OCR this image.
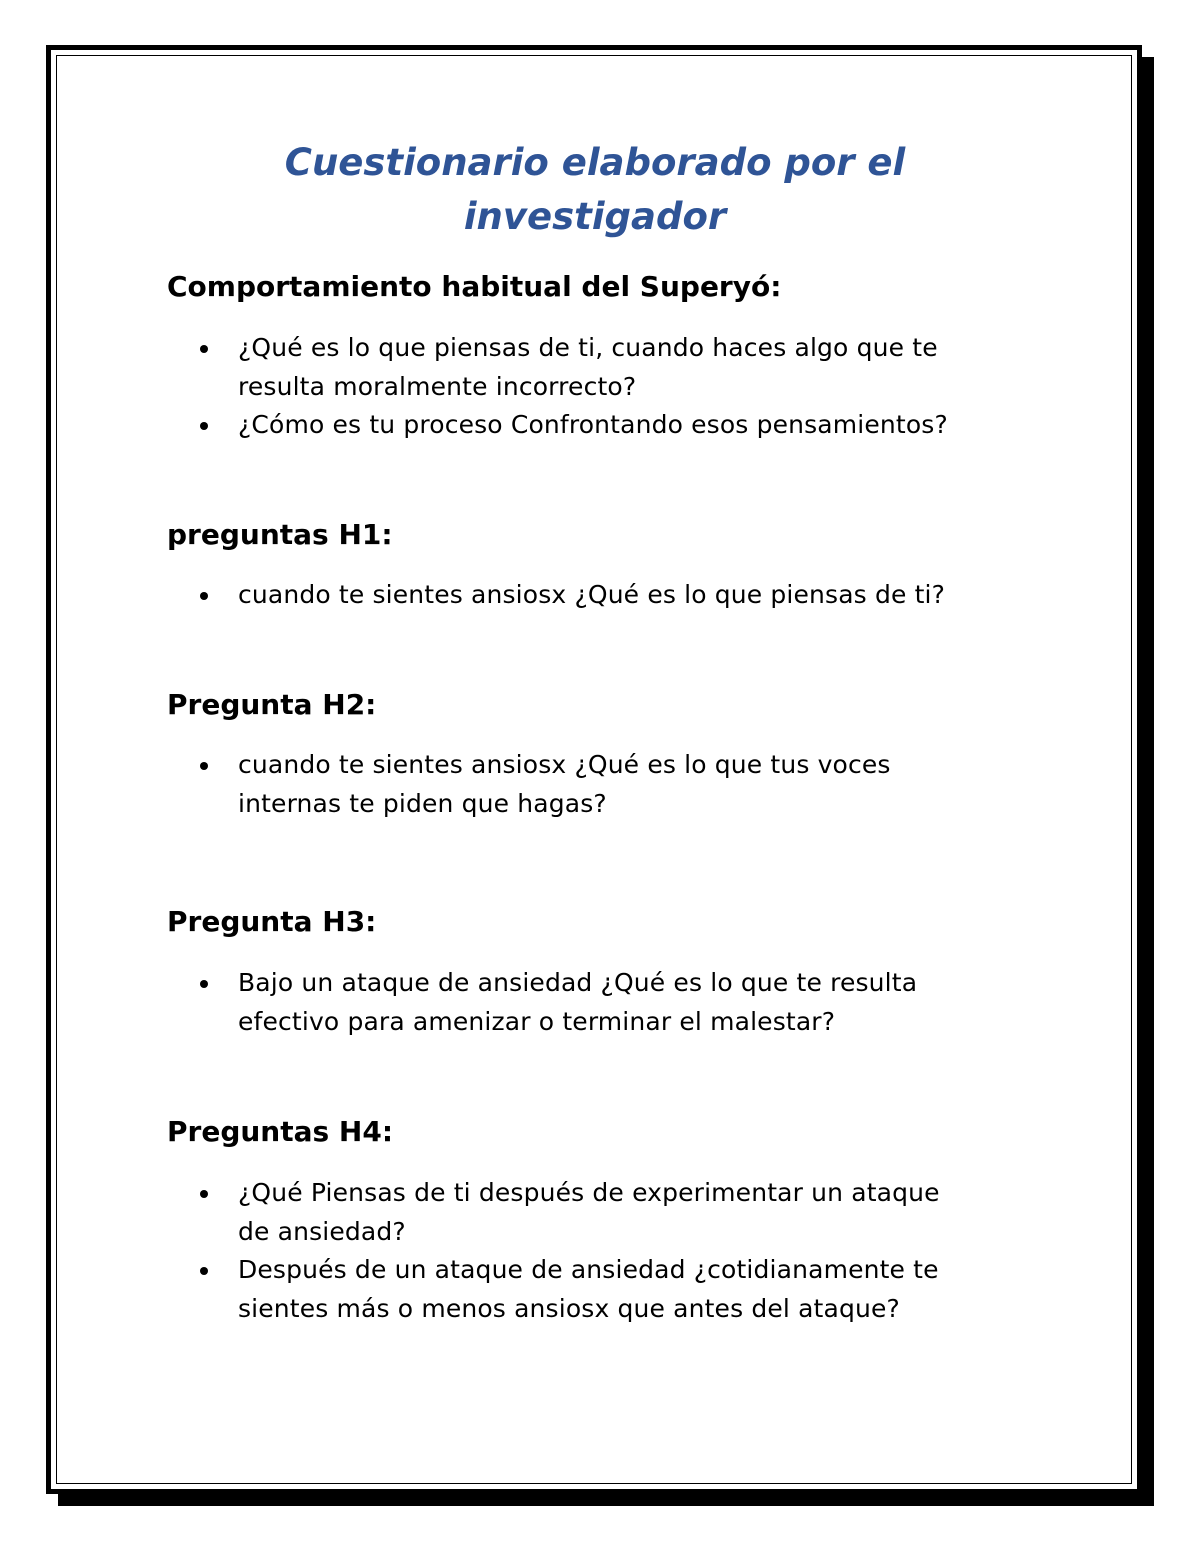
Cuestionario elaborado por el
investigador
Comportamiento habitual del Superyó:
¿Qué es lo que piensas de ti, cuando haces algo que te
resulta moralmente incorrecto?
¿Cómo es tu proceso Confrontando esos pensamientos?
preguntas H1:
cuando te sientes ansiosx ¿Qué es lo que piensas de ti?
Pregunta H2:
cuando te sientes ansiosx ¿Qué es lo que tus voces
internas te piden que hagas?
Pregunta H3:
Bajo un ataque de ansiedad ¿Qué es lo que te resulta
efectivo para amenizar o terminar el malestar?
Preguntas H4:
¿Qué Piensas de ti después de experimentar un ataque
de ansiedad?
Después de un ataque de ansiedad ¿cotidianamente te
sientes más o menos ansiosx que antes del ataque?
